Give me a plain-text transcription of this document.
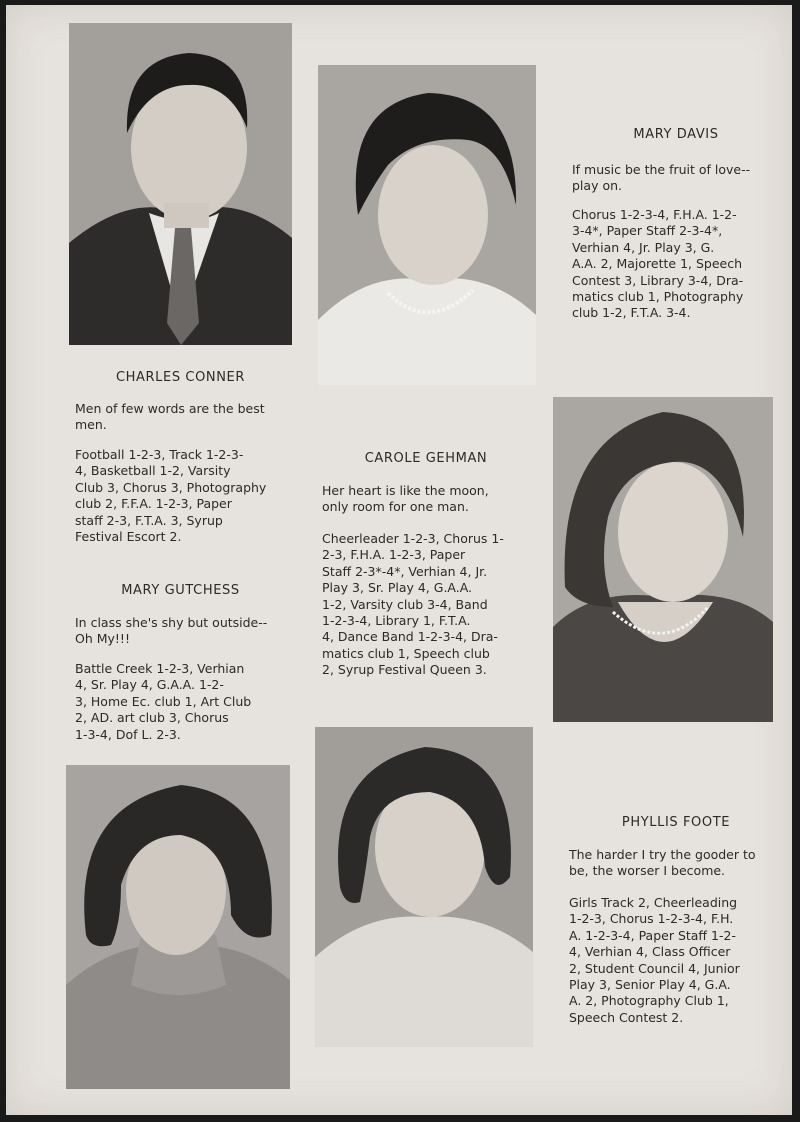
CHARLES CONNER
Men of few words are the best
men.
Football 1-2-3, Track 1-2-3-
4, Basketball 1-2, Varsity
Club 3, Chorus 3, Photography
club 2, F.F.A. 1-2-3, Paper
staff 2-3, F.T.A. 3, Syrup
Festival Escort 2.
MARY DAVIS
If music be the fruit of love--
play on.
Chorus 1-2-3-4, F.H.A. 1-2-
3-4*, Paper Staff 2-3-4*,
Verhian 4, Jr. Play 3, G.
A.A. 2, Majorette 1, Speech
Contest 3, Library 3-4, Dra-
matics club 1, Photography
club 1-2, F.T.A. 3-4.
CAROLE GEHMAN
Her heart is like the moon,
only room for one man.
Cheerleader 1-2-3, Chorus 1-
2-3, F.H.A. 1-2-3, Paper
Staff 2-3*-4*, Verhian 4, Jr.
Play 3, Sr. Play 4, G.A.A.
1-2, Varsity club 3-4, Band
1-2-3-4, Library 1, F.T.A.
4, Dance Band 1-2-3-4, Dra-
matics club 1, Speech club
2, Syrup Festival Queen 3.
MARY GUTCHESS
In class she's shy but outside--
Oh My!!!
Battle Creek 1-2-3, Verhian
4, Sr. Play 4, G.A.A. 1-2-
3, Home Ec. club 1, Art Club
2, AD. art club 3, Chorus
1-3-4, Dof L. 2-3.
PHYLLIS FOOTE
The harder I try the gooder to
be, the worser I become.
Girls Track 2, Cheerleading
1-2-3, Chorus 1-2-3-4, F.H.
A. 1-2-3-4, Paper Staff 1-2-
4, Verhian 4, Class Officer
2, Student Council 4, Junior
Play 3, Senior Play 4, G.A.
A. 2, Photography Club 1,
Speech Contest 2.
